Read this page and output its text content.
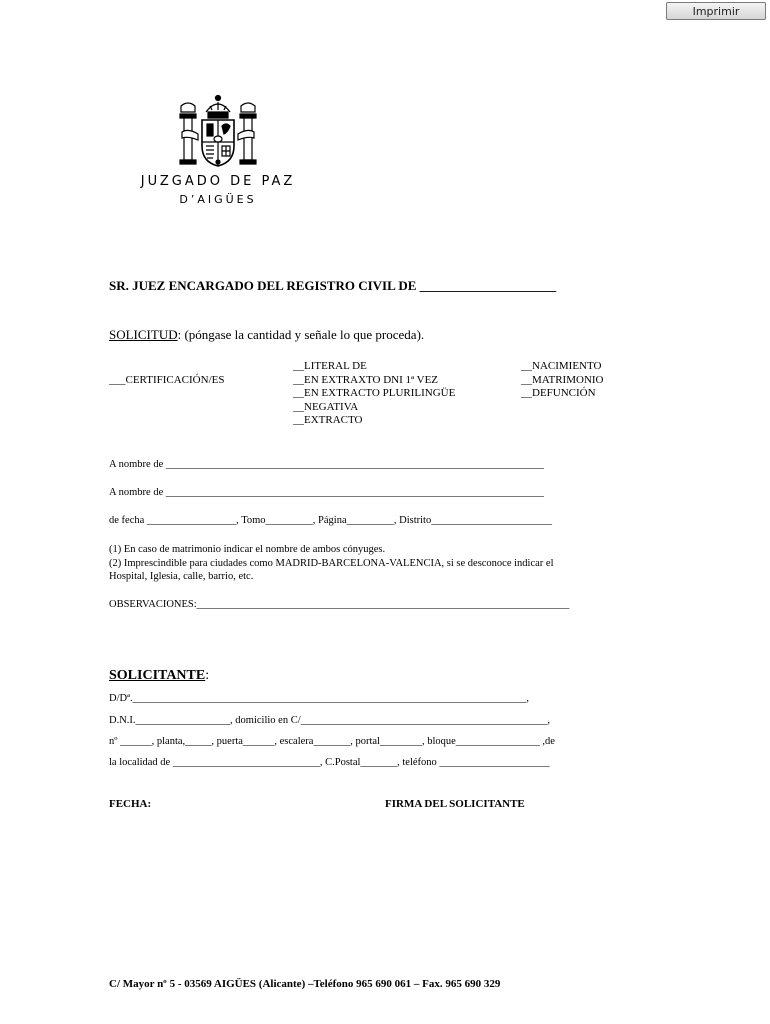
Imprimir
JUZGADO DE PAZ
D’AIGÜES
SR. JUEZ ENCARGADO DEL REGISTRO CIVIL DE _____________________
SOLICITUD: (póngase la cantidad y señale lo que proceda).
___CERTIFICACIÓN/ES
__LITERAL DE
__EN EXTRAXTO DNI 1ª VEZ
__EN EXTRACTO PLURILINGÜE
__NEGATIVA
__EXTRACTO
__NACIMIENTO
__MATRIMONIO
__DEFUNCIÓN
A nombre de ________________________________________________________________________
A nombre de ________________________________________________________________________
de fecha _________________, Tomo_________, Página_________, Distrito_______________________
(1) En caso de matrimonio indicar el nombre de ambos cónyuges.
(2) Imprescindible para ciudades como MADRID-BARCELONA-VALENCIA, si se desconoce indicar el
Hospital, Iglesia, calle, barrio, etc.
OBSERVACIONES:_______________________________________________________________________
SOLICITANTE:
D/Dª.___________________________________________________________________________,
D.N.I.__________________, domicilio en C/_______________________________________________,
nº ______, planta,_____, puerta______, escalera_______, portal________, bloque________________ ,de
la localidad de ____________________________, C.Postal_______, teléfono _____________________
FECHA:	FIRMA DEL SOLICITANTE
C/ Mayor nº 5 - 03569 AIGÜES (Alicante) –Teléfono 965 690 061 – Fax. 965 690 329
